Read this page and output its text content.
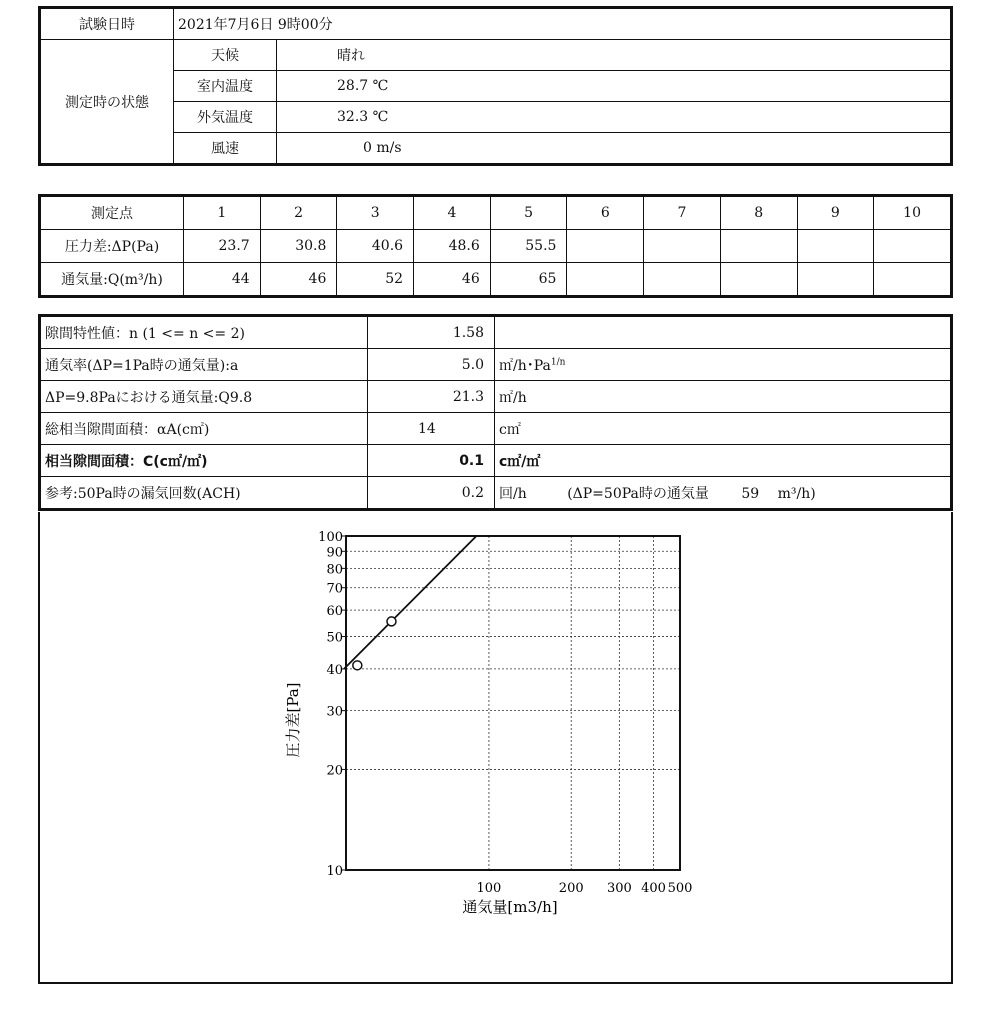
試験日時	2021年7月6日 9時00分	
測定時の状態	天候	晴れ
	室内温度	28.7 ℃
	外気温度	32.3 ℃
	風速	0 m/s
測定点	1	2	3	4	5	6	7	8	9	10
圧力差:ΔP(Pa)	23.7	30.8	40.6	48.6	55.5					
通気量:Q(m³/h)	44	46	52	46	65					
隙間特性値：n (1 <= n <= 2)	1.58	
通気率(ΔP=1Pa時の通気量):a	5.0	㎡/h･$Pa^{1/n}$
ΔP=9.8Paにおける通気量:Q9.8	21.3	㎡/h
総相当隙間面積：αA(c㎡)	14	c㎡
相当隙間面積：C(c㎡/㎡)	0.1	c㎡/㎡
参考:50Pa時の漏気回数(ACH)	0.2	回/h (ΔP=50Pa時の通気量 59 m³/h)
10
20
30
40
50
60
70
80
90
100
100	200 300 400 500
通気量[m3/h]
圧力差[Pa]
